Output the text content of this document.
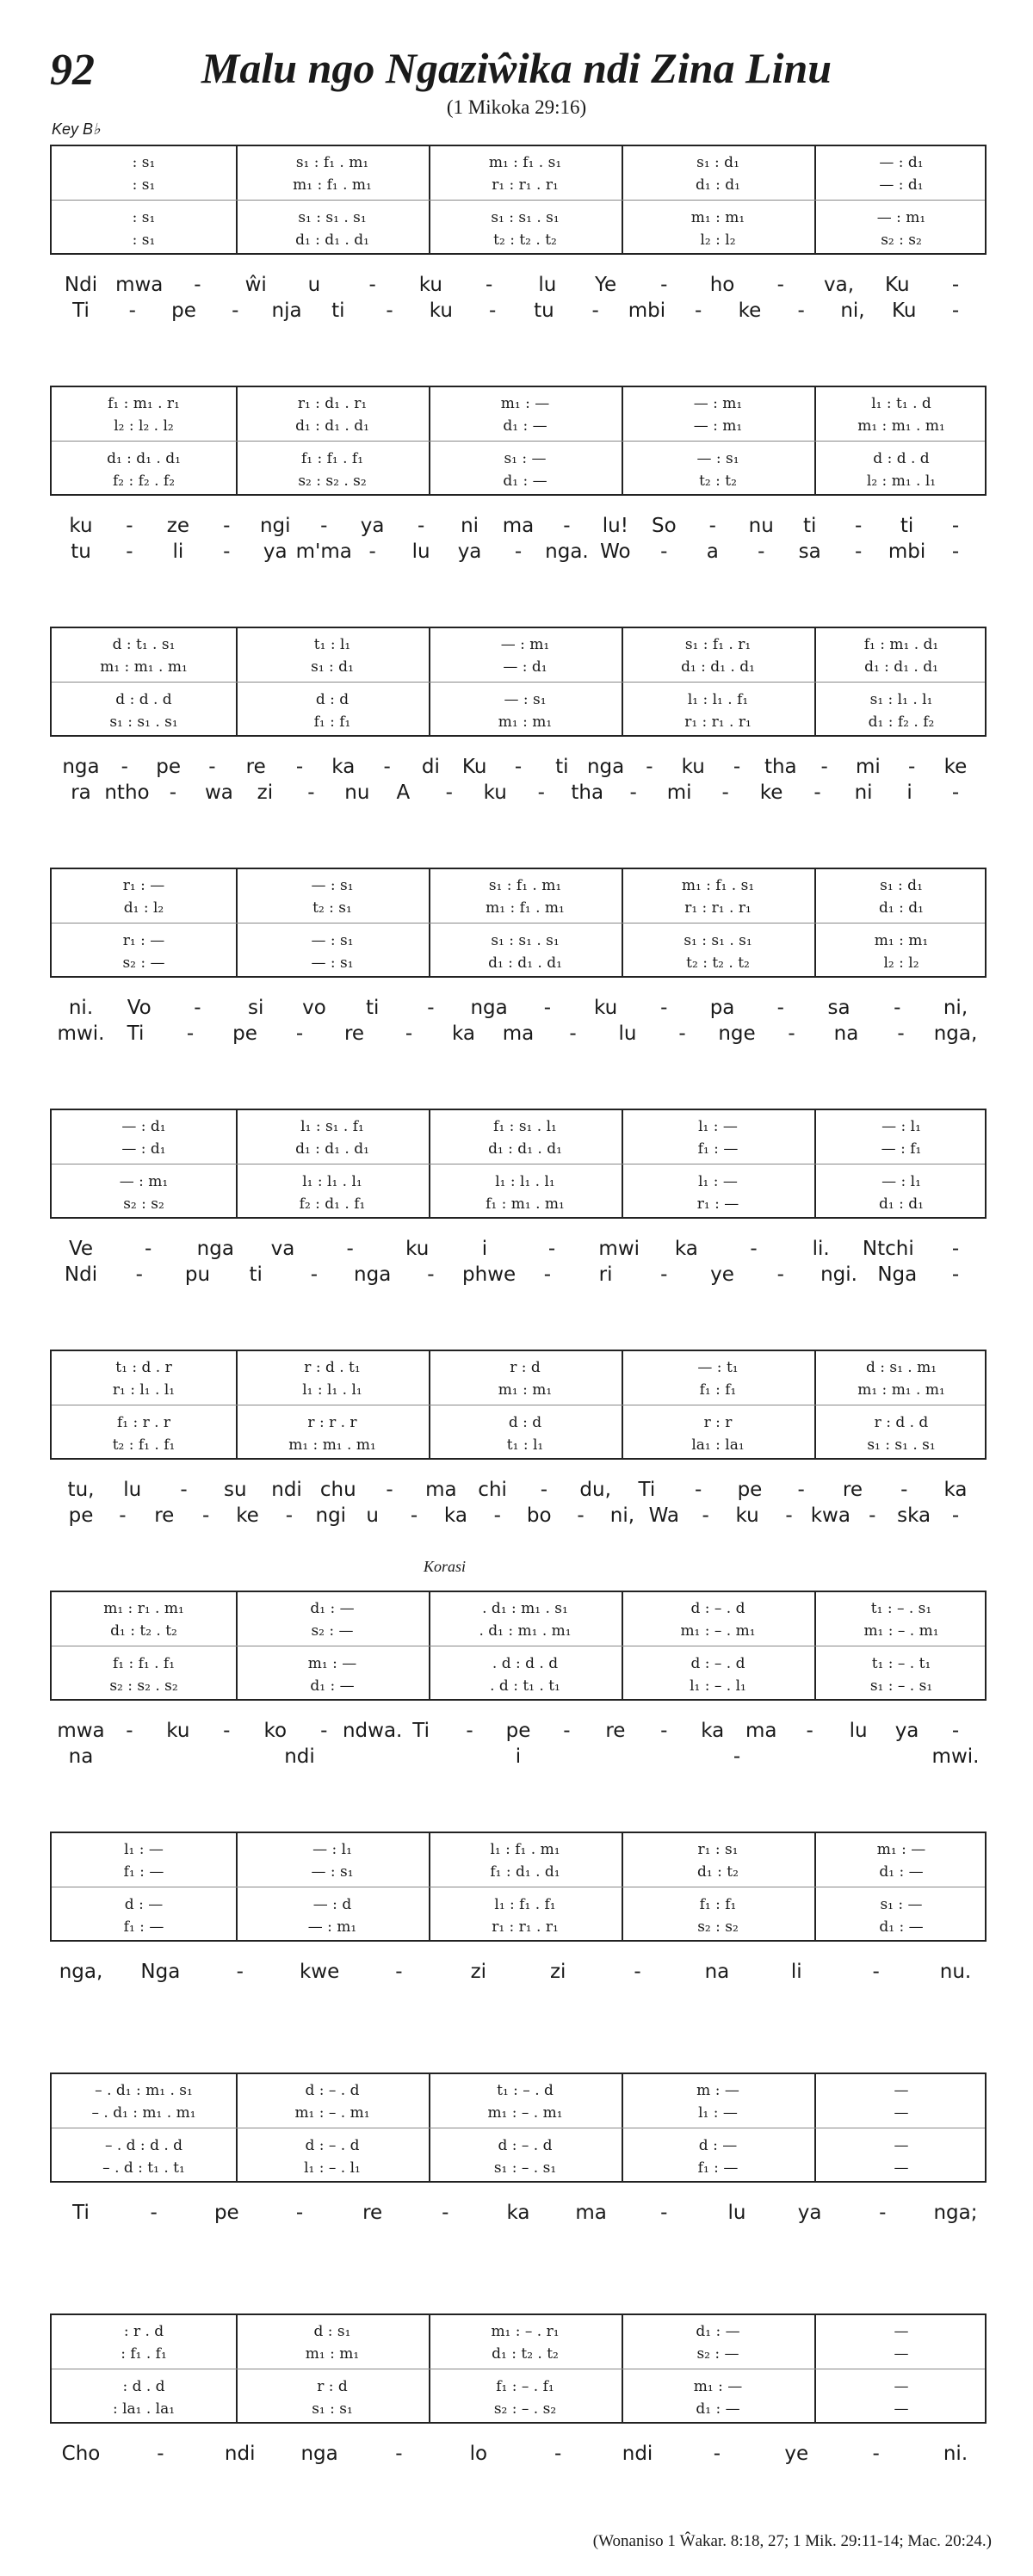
92	Malu ngo Ngaziŵika ndi Zina Linu
(1 Mikoka 29:16)
Key B♭
Korasi
(Wonaniso 1 Ŵakar. 8:18, 27; 1 Mik. 29:11-14; Mac. 20:24.)
: s₁	s₁ : f₁ . m₁	m₁ : f₁ . s₁	s₁ : d₁	— : d₁
: s₁	m₁ : f₁ . m₁	r₁ : r₁ . r₁	d₁ : d₁	— : d₁
: s₁	s₁ : s₁ . s₁	s₁ : s₁ . s₁	m₁ : m₁	— : m₁
: s₁	d₁ : d₁ . d₁	t₂ : t₂ . t₂	l₂ : l₂	s₂ : s₂
Ndi mwa - ŵi u - ku - lu Ye - ho - va, Ku -
Ti - pe - nja ti - ku - tu - mbi - ke - ni, Ku -
f₁ : m₁ . r₁	r₁ : d₁ . r₁	m₁ : —	— : m₁	l₁ : t₁ . d
l₂ : l₂ . l₂	d₁ : d₁ . d₁	d₁ : —	— : m₁	m₁ : m₁ . m₁
d₁ : d₁ . d₁	f₁ : f₁ . f₁	s₁ : —	— : s₁	d : d . d
f₂ : f₂ . f₂	s₂ : s₂ . s₂	d₁ : —	t₂ : t₂	l₂ : m₁ . l₁
ku - ze - ngi - ya - ni ma - lu! So - nu ti - ti -
tu - li - ya m'ma - lu ya - nga. Wo - a - sa - mbi -
d : t₁ . s₁	t₁ : l₁	— : m₁	s₁ : f₁ . r₁	f₁ : m₁ . d₁
m₁ : m₁ . m₁	s₁ : d₁	— : d₁	d₁ : d₁ . d₁	d₁ : d₁ . d₁
d : d . d	d : d	— : s₁	l₁ : l₁ . f₁	s₁ : l₁ . l₁
s₁ : s₁ . s₁	f₁ : f₁	m₁ : m₁	r₁ : r₁ . r₁	d₁ : f₂ . f₂
nga - pe - re - ka - di Ku - ti nga - ku - tha - mi - ke
ra ntho - wa zi - nu A - ku - tha - mi - ke - ni i -
r₁ : —	— : s₁	s₁ : f₁ . m₁	m₁ : f₁ . s₁	s₁ : d₁
d₁ : l₂	t₂ : s₁	m₁ : f₁ . m₁	r₁ : r₁ . r₁	d₁ : d₁
r₁ : —	— : s₁	s₁ : s₁ . s₁	s₁ : s₁ . s₁	m₁ : m₁
s₂ : —	— : s₁	d₁ : d₁ . d₁	t₂ : t₂ . t₂	l₂ : l₂
ni. Vo - si vo ti - nga - ku - pa - sa - ni,
mwi. Ti - pe - re - ka ma - lu - nge - na - nga,
— : d₁	l₁ : s₁ . f₁	f₁ : s₁ . l₁	l₁ : —	— : l₁
— : d₁	d₁ : d₁ . d₁	d₁ : d₁ . d₁	f₁ : —	— : f₁
— : m₁	l₁ : l₁ . l₁	l₁ : l₁ . l₁	l₁ : —	— : l₁
s₂ : s₂	f₂ : d₁ . f₁	f₁ : m₁ . m₁	r₁ : —	d₁ : d₁
Ve	- nga va	-	ku	i	- mwi ka	-	li. Ntchi -
Ndi - pu ti - nga - phwe - ri - ye - ngi. Nga -
t₁ : d . r	r : d . t₁	r : d	— : t₁	d : s₁ . m₁
r₁ : l₁ . l₁	l₁ : l₁ . l₁	m₁ : m₁	f₁ : f₁	m₁ : m₁ . m₁
f₁ : r . r	r : r . r	d : d	r : r	r : d . d
t₂ : f₁ . f₁	m₁ : m₁ . m₁	t₁ : l₁	la₁ : la₁	s₁ : s₁ . s₁
tu, lu - su ndi chu - ma chi - du, Ti - pe - re - ka
pe - re - ke - ngi u - ka - bo - ni, Wa - ku - kwa - ska -
m₁ : r₁ . m₁	d₁ : —	. d₁ : m₁ . s₁	d : – . d	t₁ : – . s₁
d₁ : t₂ . t₂	s₂ : —	. d₁ : m₁ . m₁	m₁ : – . m₁	m₁ : – . m₁
f₁ : f₁ . f₁	m₁ : —	. d : d . d	d : – . d	t₁ : – . t₁
s₂ : s₂ . s₂	d₁ : —	. d : t₁ . t₁	l₁ : – . l₁	s₁ : – . s₁
mwa - ku - ko - ndwa. Ti - pe - re - ka ma - lu ya -
na	ndi	i	-	mwi.
l₁ : —	— : l₁	l₁ : f₁ . m₁	r₁ : s₁	m₁ : —
f₁ : —	— : s₁	f₁ : d₁ . d₁	d₁ : t₂	d₁ : —
d : —	— : d	l₁ : f₁ . f₁	f₁ : f₁	s₁ : —
f₁ : —	— : m₁	r₁ : r₁ . r₁	s₂ : s₂	d₁ : —
nga, Nga	-	kwe	-	zi	zi	-	na	li	-	nu.
– . d₁ : m₁ . s₁	d : – . d	t₁ : – . d	m : —	—
– . d₁ : m₁ . m₁	m₁ : – . m₁	m₁ : – . m₁	l₁ : —	—
– . d : d . d	d : – . d	d : – . d	d : —	—
– . d : t₁ . t₁	l₁ : – . l₁	s₁ : – . s₁	f₁ : —	—
Ti	-	pe	-	re	-	ka ma	-	lu	ya	- nga;
: r . d	d : s₁	m₁ : – . r₁	d₁ : —	—
: f₁ . f₁	m₁ : m₁	d₁ : t₂ . t₂	s₂ : —	—
: d . d	r : d	f₁ : – . f₁	m₁ : —	—
: la₁ . la₁	s₁ : s₁	s₂ : – . s₂	d₁ : —	—
Cho	-	ndi nga	-	lo	-	ndi	-	ye	-	ni.
